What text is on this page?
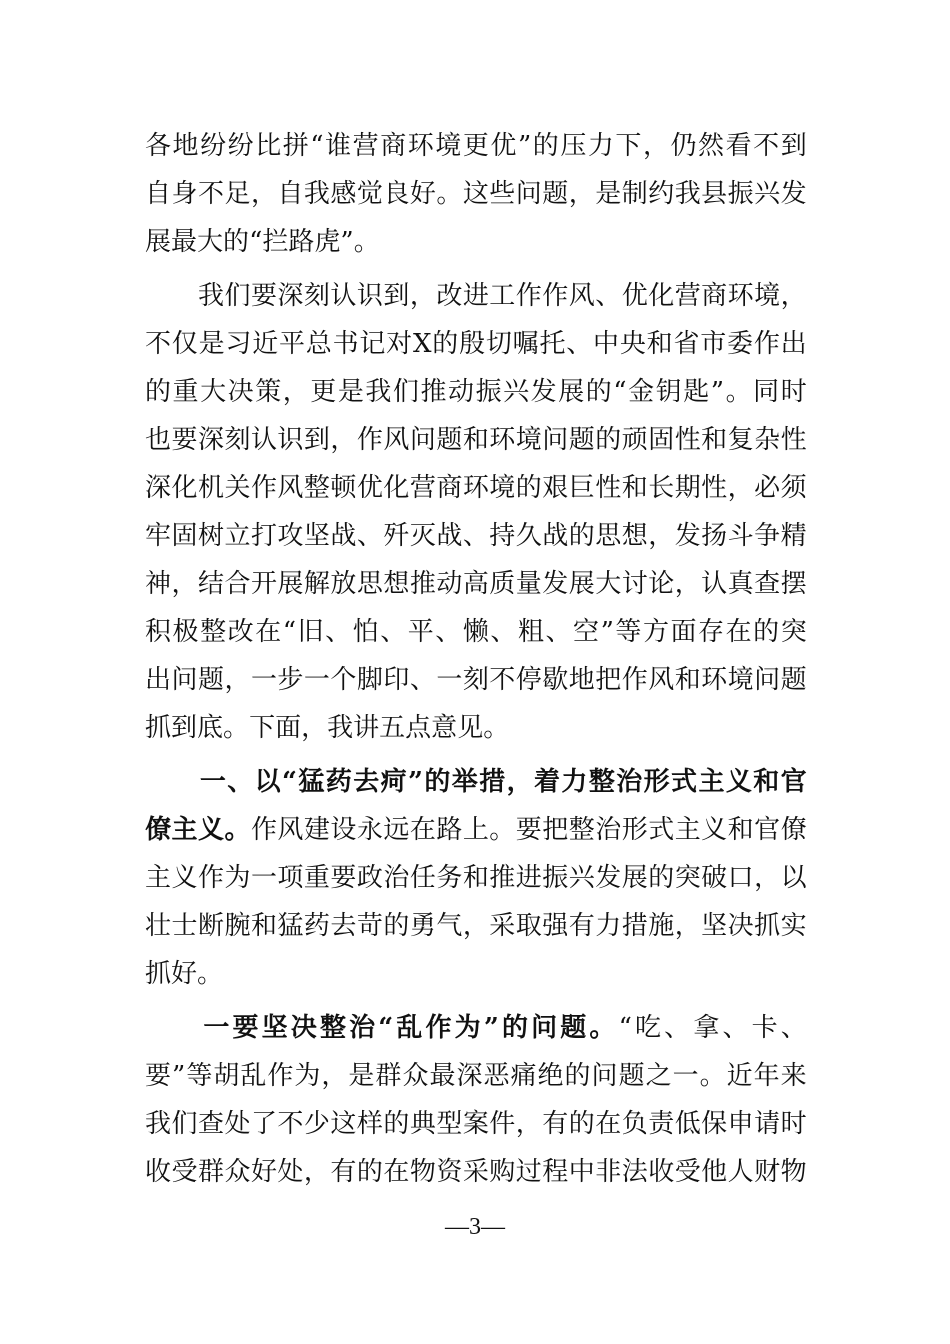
各 地 纷 纷 比 拼 “ 谁 营 商 环 境 更 优 ” 的 压 力 下 ， 仍 然 看 不 到
自 身 不 足 ， 自 我 感 觉 良 好 。 这 些 问 题 ， 是 制 约 我 县 振 兴 发
展 最 大 的 “ 拦 路 虎 ” 。

我 们 要 深 刻 认 识 到 ， 改 进 工 作 作 风 、 优 化 营 商 环 境 ，
不 仅 是 习 近 平 总 书 记 对 X 的 殷 切 嘱 托 、 中 央 和 省 市 委 作 出
的 重 大 决 策 ， 更 是 我 们 推 动 振 兴 发 展 的 “ 金 钥 匙 ” 。 同 时
也 要 深 刻 认 识 到 ， 作 风 问 题 和 环 境 问 题 的 顽 固 性 和 复 杂 性
深 化 机 关 作 风 整 顿 优 化 营 商 环 境 的 艰 巨 性 和 长 期 性 ， 必 须
牢 固 树 立 打 攻 坚 战 、 歼 灭 战 、 持 久 战 的 思 想 ， 发 扬 斗 争 精
神 ， 结 合 开 展 解 放 思 想 推 动 高 质 量 发 展 大 讨 论 ， 认 真 查 摆
积 极 整 改 在 “ 旧 、 怕 、 平 、 懒 、 粗 、 空 ” 等 方 面 存 在 的 突
出 问 题 ， 一 步 一 个 脚 印 、 一 刻 不 停 歇 地 把 作 风 和 环 境 问 题
抓 到 底 。 下 面 ， 我 讲 五 点 意 见 。

一 、 以 “ 猛 药 去 疴 ” 的 举 措 ， 着 力 整 治 形 式 主 义 和 官
僚 主 义 。 作 风 建 设 永 远 在 路 上 。 要 把 整 治 形 式 主 义 和 官 僚
主 义 作 为 一 项 重 要 政 治 任 务 和 推 进 振 兴 发 展 的 突 破 口 ， 以
壮 士 断 腕 和 猛 药 去 苛 的 勇 气 ， 采 取 强 有 力 措 施 ， 坚 决 抓 实
抓 好 。

一 要 坚 决 整 治 “ 乱 作 为 ” 的 问 题 。 “ 吃 、 拿 、 卡 、
要 ” 等 胡 乱 作 为 ， 是 群 众 最 深 恶 痛 绝 的 问 题 之 一 。 近 年 来
我 们 查 处 了 不 少 这 样 的 典 型 案 件 ， 有 的 在 负 责 低 保 申 请 时
收 受 群 众 好 处 ， 有 的 在 物 资 采 购 过 程 中 非 法 收 受 他 人 财 物
—3—
